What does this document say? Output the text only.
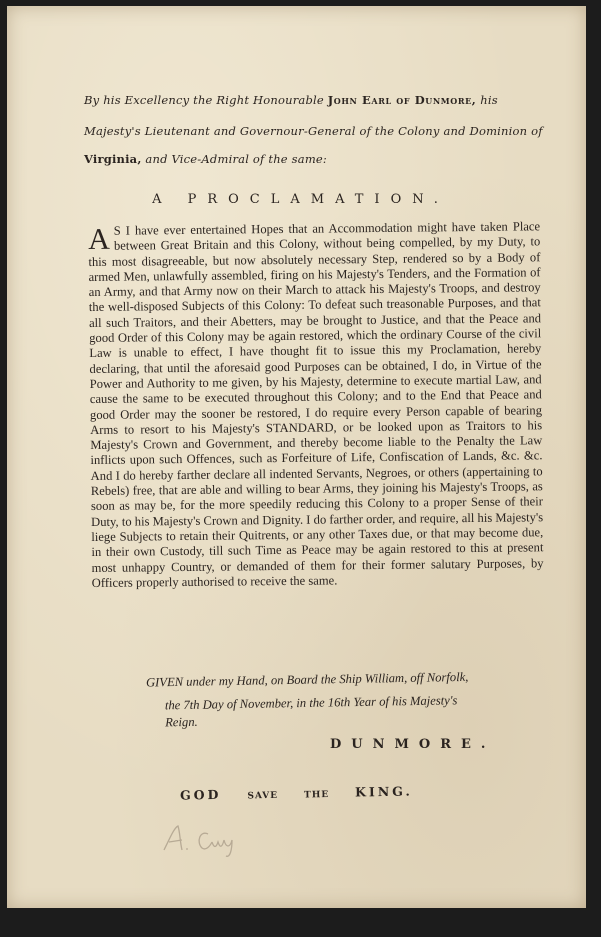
By his Excellency the Right Honourable John Earl of Dunmore, his
Majesty's Lieutenant and Governour-General of the Colony and Dominion of
Virginia, and Vice-Admiral of the same:
A PROCLAMATION.
A S I have ever entertained Hopes that an Accommodation might have taken Place between Great Britain and this Colony, without being compelled, by my Duty, to this most disagreeable, but now absolutely necessary Step, rendered so by a Body of armed Men, unlawfully assembled, firing on his Majesty's Tenders, and the Formation of an Army, and that Army now on their March to attack his Majesty's Troops, and destroy the well-disposed Subjects of this Colony: To defeat such treasonable Purposes, and that all such Traitors, and their Abetters, may be brought to Justice, and that the Peace and good Order of this Colony may be again restored, which the ordinary Course of the civil Law is unable to effect, I have thought fit to issue this my Proclamation, hereby declaring, that until the aforesaid good Purposes can be obtained, I do, in Virtue of the Power and Authority to me given, by his Majesty, determine to execute martial Law, and cause the same to be executed throughout this Colony; and to the End that Peace and good Order may the sooner be restored, I do require every Person capable of bearing Arms to resort to his Majesty's STANDARD, or be looked upon as Traitors to his Majesty's Crown and Government, and thereby become liable to the Penalty the Law inflicts upon such Offences, such as Forfeiture of Life, Confiscation of Lands, &c. &c. And I do hereby farther declare all indented Servants, Negroes, or others (appertaining to Rebels) free, that are able and willing to bear Arms, they joining his Majesty's Troops, as soon as may be, for the more speedily reducing this Colony to a proper Sense of their Duty, to his Majesty's Crown and Dignity. I do farther order, and require, all his Majesty's liege Subjects to retain their Quitrents, or any other Taxes due, or that may become due, in their own Custody, till such Time as Peace may be again restored to this at present most unhappy Country, or demanded of them for their former salutary Purposes, by Officers properly authorised to receive the same.
GIVEN under my Hand, on Board the Ship William, off Norfolk,
the 7th Day of November, in the 16th Year of his Majesty's
Reign.
DUNMORE.
GOD	SAVE	THE KING.
